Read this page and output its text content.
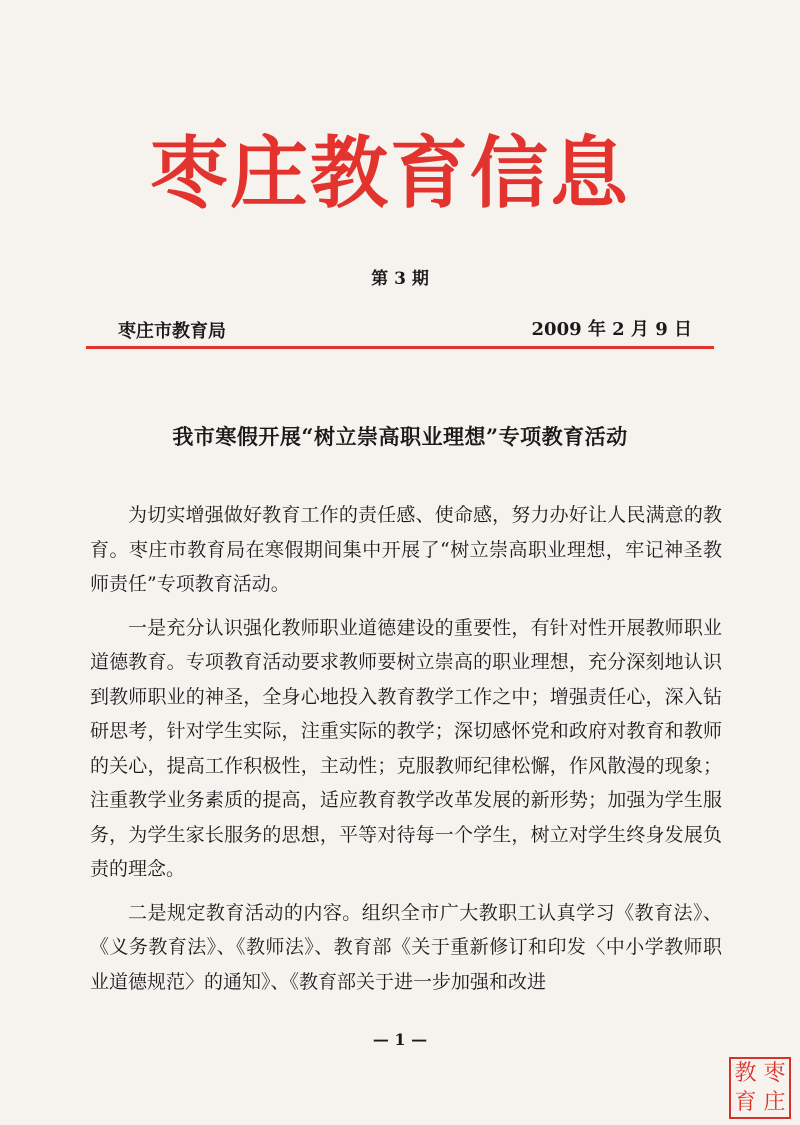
枣庄教育信息
第 3 期
枣庄市教育局	2009 年 2 月 9 日
我市寒假开展“树立崇高职业理想”专项教育活动

为切实增强做好教育工作的责任感、使命感，努力办好让人民满意的教育。枣庄市教育局在寒假期间集中开展了“树立崇高职业理想，牢记神圣教师责任”专项教育活动。

一是充分认识强化教师职业道德建设的重要性，有针对性开展教师职业道德教育。专项教育活动要求教师要树立崇高的职业理想，充分深刻地认识到教师职业的神圣，全身心地投入教育教学工作之中；增强责任心，深入钻研思考，针对学生实际，注重实际的教学；深切感怀党和政府对教育和教师的关心，提高工作积极性，主动性；克服教师纪律松懈，作风散漫的现象；注重教学业务素质的提高，适应教育教学改革发展的新形势；加强为学生服务，为学生家长服务的思想，平等对待每一个学生，树立对学生终身发展负责的理念。

二是规定教育活动的内容。组织全市广大教职工认真学习《教育法》、《义务教育法》、《教师法》、教育部《关于重新修订和印发〈中小学教师职业道德规范〉的通知》、《教育部关于进一步加强和改进

— 1 —
教 枣
育 庄
